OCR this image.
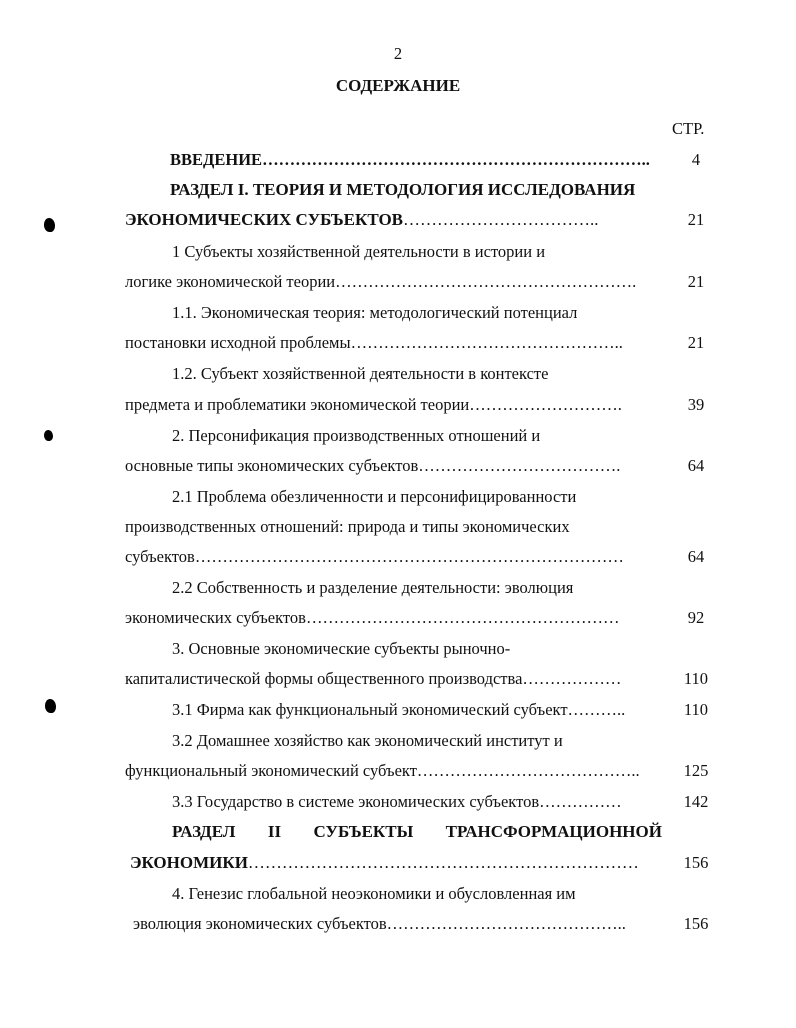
2
СОДЕРЖАНИЕ
СТР.
ВВЕДЕНИЕ……………………………………………………………..	4
РАЗДЕЛ I. ТЕОРИЯ И МЕТОДОЛОГИЯ ИССЛЕДОВАНИЯ
ЭКОНОМИЧЕСКИХ СУБЪЕКТОВ……………………………..	21
1 Субъекты хозяйственной деятельности в истории и
логике экономической теории……………………………………………….	21
1.1. Экономическая теория: методологический потенциал
постановки исходной проблемы…………………………………………..	21
1.2. Субъект хозяйственной деятельности в контексте
предмета и проблематики экономической теории……………………….	39
2. Персонификация производственных отношений и
основные типы экономических субъектов……………………………….	64
2.1 Проблема обезличенности и персонифицированности
производственных отношений: природа и типы экономических
субъектов……………………………………………………………………	64
2.2 Собственность и разделение деятельности: эволюция
экономических субъектов…………………………………………………	92
3. Основные экономические субъекты рыночно-
капиталистической формы общественного производства………………	110
3.1 Фирма как функциональный экономический субъект………..	110
3.2 Домашнее хозяйство как экономический институт и
функциональный экономический субъект…………………………………..	125
3.3 Государство в системе экономических субъектов……………	142
РАЗДЕЛ II СУБЪЕКТЫ ТРАНСФОРМАЦИОННОЙ
ЭКОНОМИКИ……………………………………………………………	156
4. Генезис глобальной неоэкономики и обусловленная им
эволюция экономических субъектов……………………………………..	156
